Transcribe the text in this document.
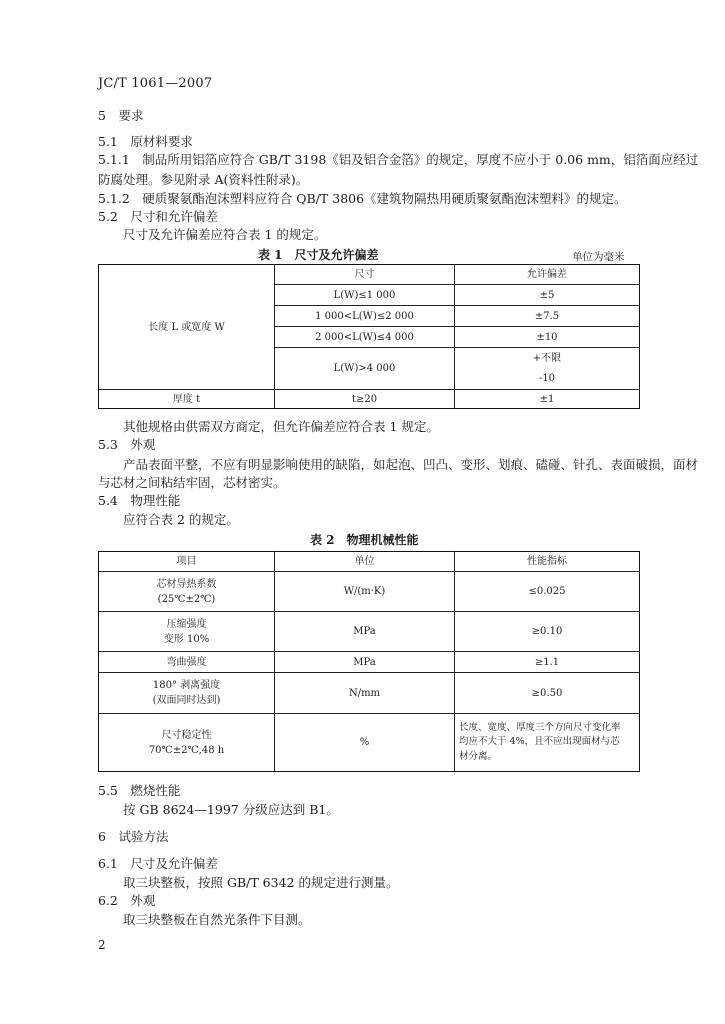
JC/T 1061—2007
5　要求
5.1　原材料要求
5.1.1　制品所用铝箔应符合 GB/T 3198《铝及铝合金箔》的规定，厚度不应小于 0.06 mm，铝箔面应经过
防腐处理。参见附录 A(资料性附录)。
5.1.2　硬质聚氨酯泡沫塑料应符合 QB/T 3806《建筑物隔热用硬质聚氨酯泡沫塑料》的规定。
5.2　尺寸和允许偏差
尺寸及允许偏差应符合表 1 的规定。
表 1　尺寸及允许偏差	单位为毫米
长度 L 或宽度 W	尺寸	允许偏差
	L(W)≤1 000	±5
	1 000<L(W)≤2 000	±7.5
	2 000<L(W)≤4 000	±10
	L(W)>4 000	+不限
-10

厚度 t	t≥20	±1
其他规格由供需双方商定，但允许偏差应符合表 1 规定。
5.3　外观
产品表面平整，不应有明显影响使用的缺陷，如起泡、凹凸、变形、划痕、磕碰、针孔、表面破损，面材
与芯材之间粘结牢固，芯材密实。
5.4　物理性能
应符合表 2 的规定。
表 2　物理机械性能
项目	单位	性能指标

芯材导热系数
(25℃±2℃)	W/(m·K)	≤0.025

压缩强度
变形 10%	MPa	≥0.10
弯曲强度	MPa	≥1.1

180° 剥离强度
(双面同时达到)	N/mm	≥0.50

尺寸稳定性
70℃±2℃,48 h	%	长度、宽度、厚度三个方向尺寸变化率
均应不大于 4%，且不应出现面材与芯
材分离。
5.5　燃烧性能
按 GB 8624—1997 分级应达到 B1。
6　试验方法
6.1　尺寸及允许偏差
取三块整板，按照 GB/T 6342 的规定进行测量。
6.2　外观
取三块整板在自然光条件下目测。
2
